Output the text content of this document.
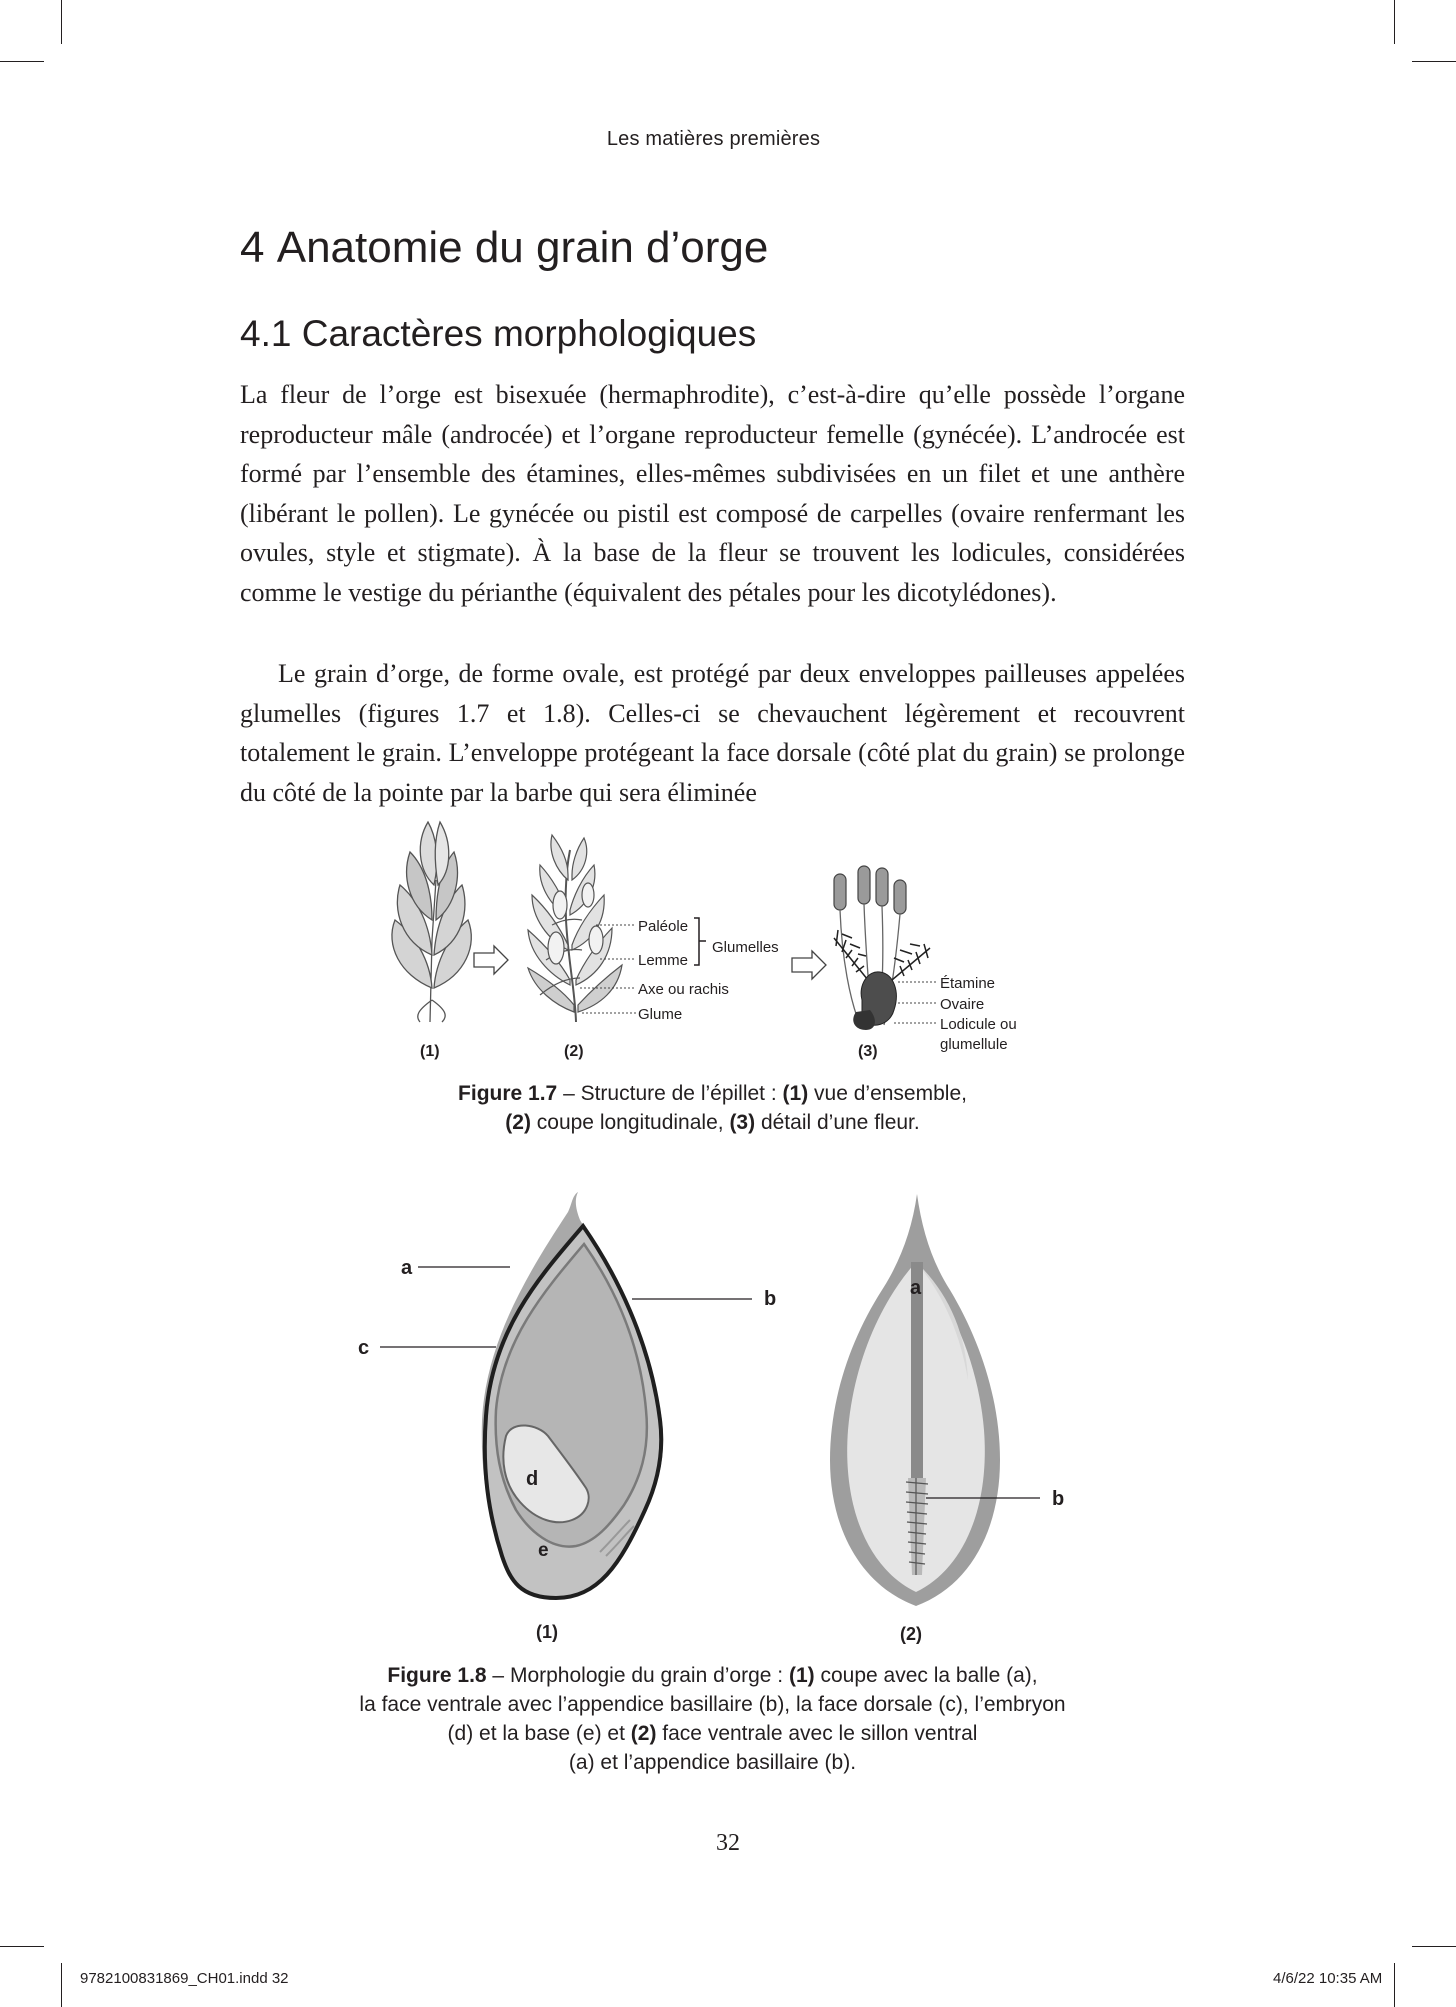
Les matières premières
4 Anatomie du grain d’orge
4.1 Caractères morphologiques

La fleur de l’orge est bisexuée (hermaphrodite), c’est-à-dire qu’elle possède l’organe reproducteur mâle (androcée) et l’organe reproducteur femelle (gynécée). L’androcée est formé par l’ensemble des étamines, elles-mêmes subdivisées en un filet et une anthère (libérant le pollen). Le gynécée ou pistil est composé de carpelles (ovaire renfermant les ovules, style et stigmate). À la base de la fleur se trouvent les lodicules, considérées comme le vestige du périanthe (équivalent des pétales pour les dicotylédones).

Le grain d’orge, de forme ovale, est protégé par deux enveloppes pailleuses appelées glumelles (figures 1.7 et 1.8). Celles-ci se chevauchent légèrement et recouvrent totalement le grain. L’enveloppe protégeant la face dorsale (côté plat du grain) se prolonge du côté de la pointe par la barbe qui sera éliminée

Paléole
Lemme
Glumelles
Axe ou rachis
Glume
Étamine
Ovaire
Lodicule ou
glumellule
(1)	(2)	(3)
Figure 1.7 – Structure de l’épillet : (1) vue d’ensemble,
(2) coupe longitudinale, (3) détail d’une fleur.
a
b
c
d
e
a
b
(1)	(2)
Figure 1.8 – Morphologie du grain d’orge : (1) coupe avec la balle (a),
la face ventrale avec l’appendice basillaire (b), la face dorsale (c), l’embryon
(d) et la base (e) et (2) face ventrale avec le sillon ventral
(a) et l’appendice basillaire (b).
32
9782100831869_CH01.indd 32	4/6/22 10:35 AM
